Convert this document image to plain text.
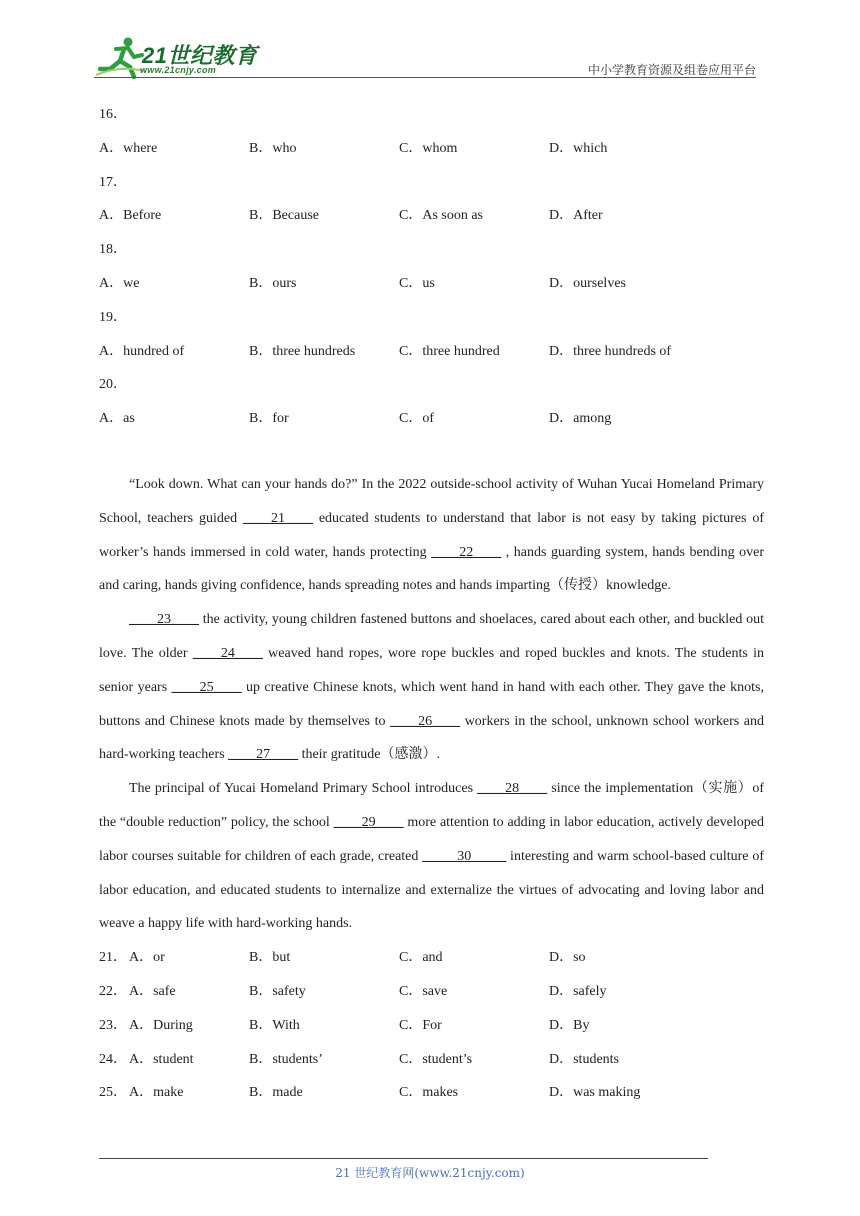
21世纪教育
www.21cnjy.com	中小学教育资源及组卷应用平台
16．
A．where	B．who	C．whom	D．which
17．
A．Before	B．Because	C．As soon as	D．After
18．
A．we	B．ours	C．us	D．ourselves
19．
A．hundred of	B．three hundreds	C．three hundred	D．three hundreds of
20．
A．as	B．for	C．of	D．among
“Look down. What can your hands do?” In the 2022 outside-school activity of Wuhan Yucai Homeland Primary School, teachers guided ____21____ educated students to understand that labor is not easy by taking pictures of worker’s hands immersed in cold water, hands protecting ____22____ , hands guarding system, hands bending over and caring, hands giving confidence, hands spreading notes and hands imparting（传授）knowledge.
____23____ the activity, young children fastened buttons and shoelaces, cared about each other, and buckled out love. The older ____24____ weaved hand ropes, wore rope buckles and roped buckles and knots. The students in senior years ____25____ up creative Chinese knots, which went hand in hand with each other. They gave the knots, buttons and Chinese knots made by themselves to ____26____ workers in the school, unknown school workers and hard-working teachers ____27____ their gratitude（感激）.
The principal of Yucai Homeland Primary School introduces ____28____ since the implementation（实施）of the “double reduction” policy, the school ____29____ more attention to adding in labor education, actively developed labor courses suitable for children of each grade, created _____30_____ interesting and warm school-based culture of labor education, and educated students to internalize and externalize the virtues of advocating and loving labor and weave a happy life with hard-working hands.
21． A．or	B．but	C．and	D．so
22． A．safe	B．safety	C．save	D．safely
23． A．During	B．With	C．For	D．By
24． A．student	B．students’	C．student’s	D．students
25． A．make	B．made	C．makes	D．was making
21 世纪教育网(www.21cnjy.com)
